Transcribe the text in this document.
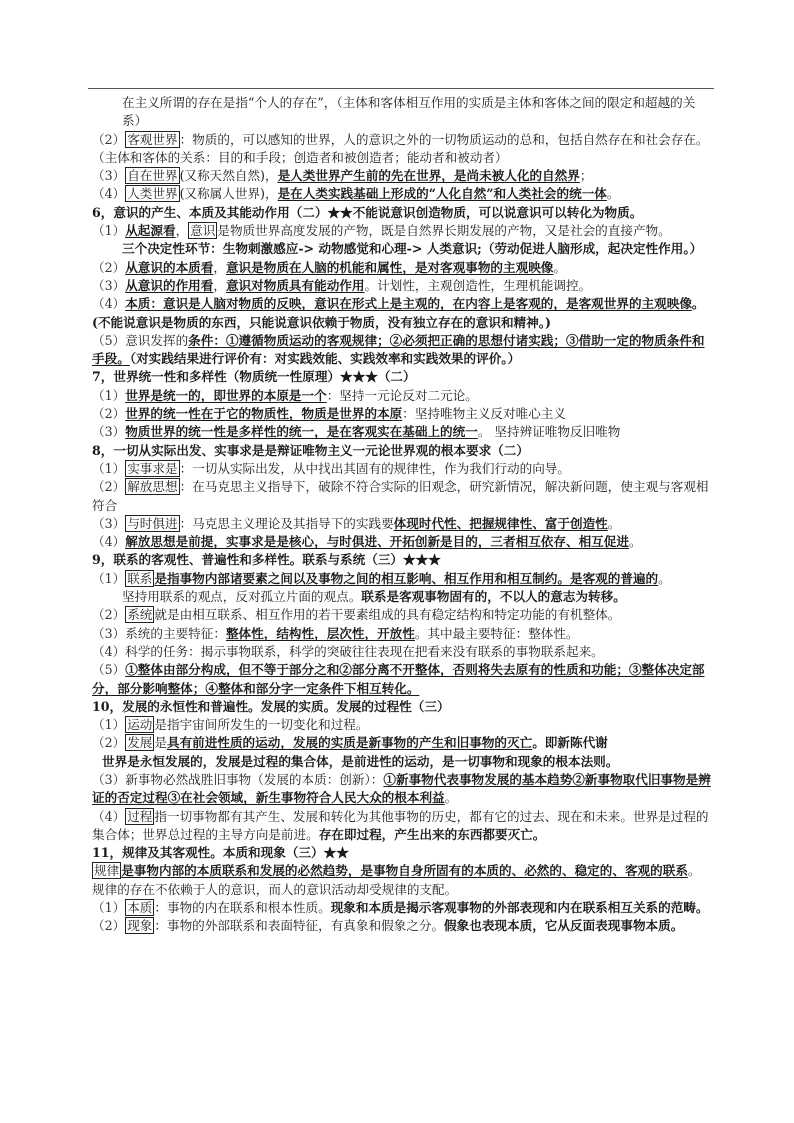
在主义所谓的存在是指“个人的存在”，（主体和客体相互作用的实质是主体和客体之间的限定和超越的关系）
（2） 客观世界 ：物质的，可以感知的世界，人的意识之外的一切物质运动的总和，包括自然存在和社会存在。（主体和客体的关系：目的和手段；创造者和被创造者；能动者和被动者）
（3） 自在世界 (又称天然自然)，是人类世界产生前的先在世界，是尚未被人化的自然界；
（4） 人类世界 (又称属人世界)，是在人类实践基础上形成的“人化自然”和人类社会的统一体。
6，意识的产生、本质及其能动作用（二）★★不能说意识创造物质，可以说意识可以转化为物质。
（1）从起源看， 意识 是物质世界高度发展的产物，既是自然界长期发展的产物，又是社会的直接产物。
三个决定性环节：生物刺激感应-> 动物感觉和心理-> 人类意识;（劳动促进人脑形成，起决定性作用。）
（2）从意识的本质看，意识是物质在人脑的机能和属性，是对客观事物的主观映像。
（3）从意识的作用看，意识对物质具有能动作用。计划性，主观创造性，生理机能调控。
（4）本质：意识是人脑对物质的反映，意识在形式上是主观的，在内容上是客观的，是客观世界的主观映像。(不能说意识是物质的东西，只能说意识依赖于物质，没有独立存在的意识和精神。)
（5）意识发挥的条件：①遵循物质运动的客观规律；②必须把正确的思想付诸实践；③借助一定的物质条件和手段。（对实践结果进行评价有：对实践效能、实践效率和实践效果的评价。）
7，世界统一性和多样性（物质统一性原理）★★★（二）
（1）世界是统一的，即世界的本原是一个：坚持一元论反对二元论。
（2）世界的统一性在于它的物质性，物质是世界的本原：坚持唯物主义反对唯心主义
（3）物质世界的统一性是多样性的统一，是在客观实在基础上的统一。 坚持辨证唯物反旧唯物
8，一切从实际出发、实事求是是辩证唯物主义一元论世界观的根本要求（二）
（1） 实事求是 ：一切从实际出发，从中找出其固有的规律性，作为我们行动的向导。
（2） 解放思想 ：在马克思主义指导下，破除不符合实际的旧观念，研究新情况，解决新问题，使主观与客观相符合
（3） 与时俱进 ：马克思主义理论及其指导下的实践要体现时代性、把握规律性、富于创造性。
（4）解放思想是前提，实事求是是核心，与时俱进、开拓创新是目的，三者相互依存、相互促进。
9，联系的客观性、普遍性和多样性。联系与系统（三）★★★
（1） 联系 是指事物内部诸要素之间以及事物之间的相互影响、相互作用和相互制约。是客观的普遍的。
坚持用联系的观点，反对孤立片面的观点。联系是客观事物固有的，不以人的意志为转移。
（2） 系统 就是由相互联系、相互作用的若干要素组成的具有稳定结构和特定功能的有机整体。
（3）系统的主要特征：整体性，结构性，层次性，开放性。其中最主要特征：整体性。
（4）科学的任务：揭示事物联系，科学的突破往往表现在把看来没有联系的事物联系起来。
（5）①整体由部分构成，但不等于部分之和②部分离不开整体，否则将失去原有的性质和功能；③整体决定部分，部分影响整体；④整体和部分字一定条件下相互转化。
10，发展的永恒性和普遍性。发展的实质。发展的过程性（三）
（1） 运动 是指宇宙间所发生的一切变化和过程。
（2） 发展 是具有前进性质的运动，发展的实质是新事物的产生和旧事物的灭亡。即新陈代谢
世界是永恒发展的，发展是过程的集合体，是前进性的运动，是一切事物和现象的根本法则。
（3）新事物必然战胜旧事物（发展的本质：创新）：①新事物代表事物发展的基本趋势②新事物取代旧事物是辨证的否定过程③在社会领域，新生事物符合人民大众的根本利益。
（4） 过程 指一切事物都有其产生、发展和转化为其他事物的历史，都有它的过去、现在和未来。世界是过程的集合体；世界总过程的主导方向是前进。存在即过程，产生出来的东西都要灭亡。
11，规律及其客观性。本质和现象（三）★★
规律 是事物内部的本质联系和发展的必然趋势，是事物自身所固有的本质的、必然的、稳定的、客观的联系。规律的存在不依赖于人的意识，而人的意识活动却受规律的支配。
（1） 本质 ：事物的内在联系和根本性质。现象和本质是揭示客观事物的外部表现和内在联系相互关系的范畴。
（2） 现象 ：事物的外部联系和表面特征，有真象和假象之分。假象也表现本质，它从反面表现事物本质。
